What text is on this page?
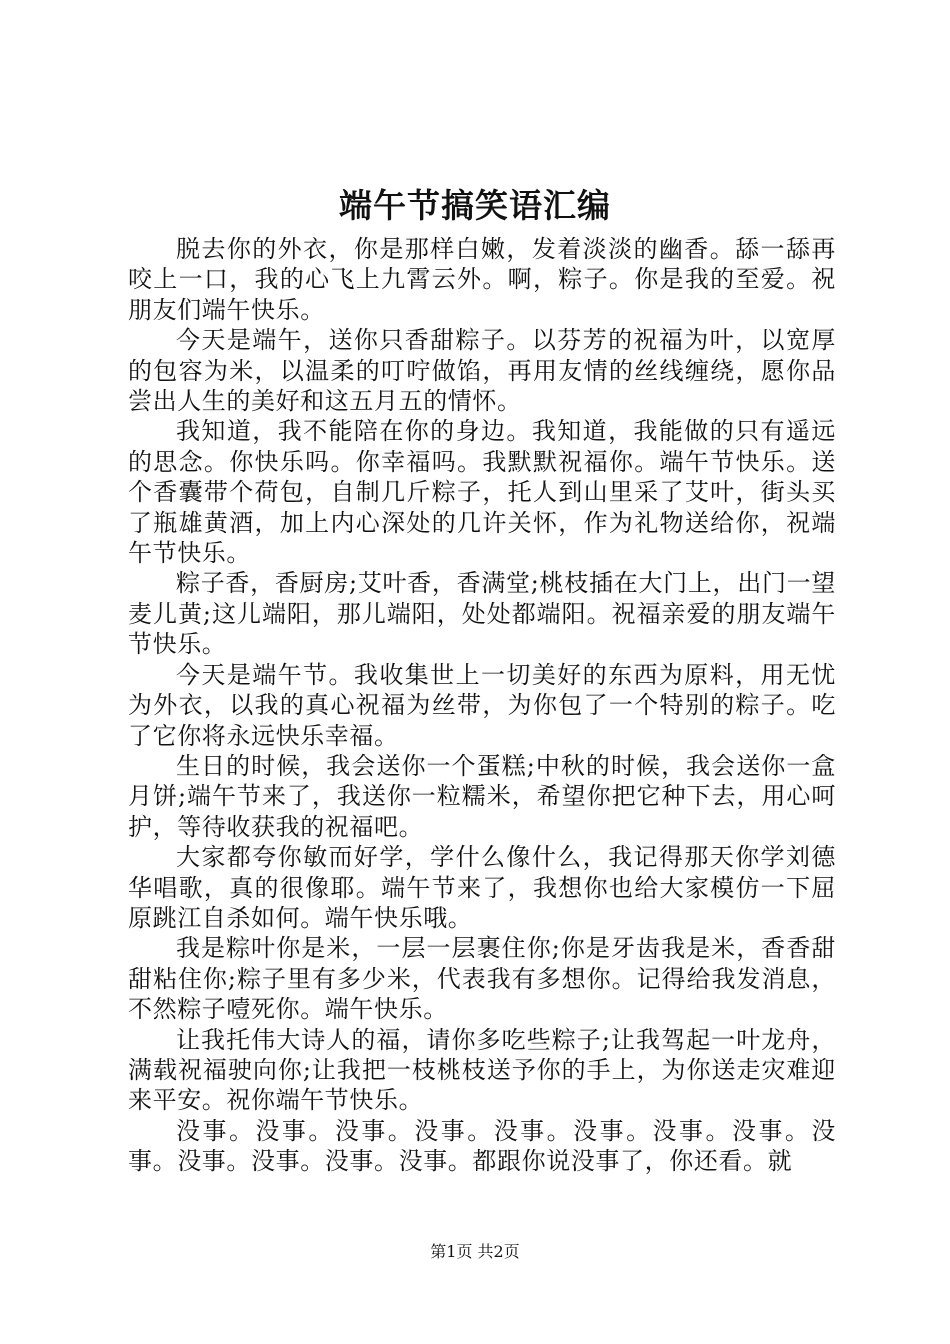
端午节搞笑语汇编

脱去你的外衣，你是那样白嫩，发着淡淡的幽香。舔一舔再咬上一口，我的心飞上九霄云外。啊，粽子。你是我的至爱。祝朋友们端午快乐。

今天是端午，送你只香甜粽子。以芬芳的祝福为叶，以宽厚的包容为米，以温柔的叮咛做馅，再用友情的丝线缠绕，愿你品尝出人生的美好和这五月五的情怀。

我知道，我不能陪在你的身边。我知道，我能做的只有遥远的思念。你快乐吗。你幸福吗。我默默祝福你。端午节快乐。送个香囊带个荷包，自制几斤粽子，托人到山里采了艾叶，街头买了瓶雄黄酒，加上内心深处的几许关怀，作为礼物送给你，祝端午节快乐。

粽子香，香厨房;艾叶香，香满堂;桃枝插在大门上，出门一望麦儿黄;这儿端阳，那儿端阳，处处都端阳。祝福亲爱的朋友端午节快乐。

今天是端午节。我收集世上一切美好的东西为原料，用无忧为外衣，以我的真心祝福为丝带，为你包了一个特别的粽子。吃了它你将永远快乐幸福。

生日的时候，我会送你一个蛋糕;中秋的时候，我会送你一盒月饼;端午节来了，我送你一粒糯米，希望你把它种下去，用心呵护，等待收获我的祝福吧。

大家都夸你敏而好学，学什么像什么，我记得那天你学刘德华唱歌，真的很像耶。端午节来了，我想你也给大家模仿一下屈原跳江自杀如何。端午快乐哦。

我是粽叶你是米，一层一层裹住你;你是牙齿我是米，香香甜甜粘住你;粽子里有多少米，代表我有多想你。记得给我发消息，不然粽子噎死你。端午快乐。

让我托伟大诗人的福，请你多吃些粽子;让我驾起一叶龙舟，满载祝福驶向你;让我把一枝桃枝送予你的手上，为你送走灾难迎来平安。祝你端午节快乐。

没事。没事。没事。没事。没事。没事。没事。没事。没事。没事。没事。没事。没事。都跟你说没事了，你还看。就

第1页 共2页
